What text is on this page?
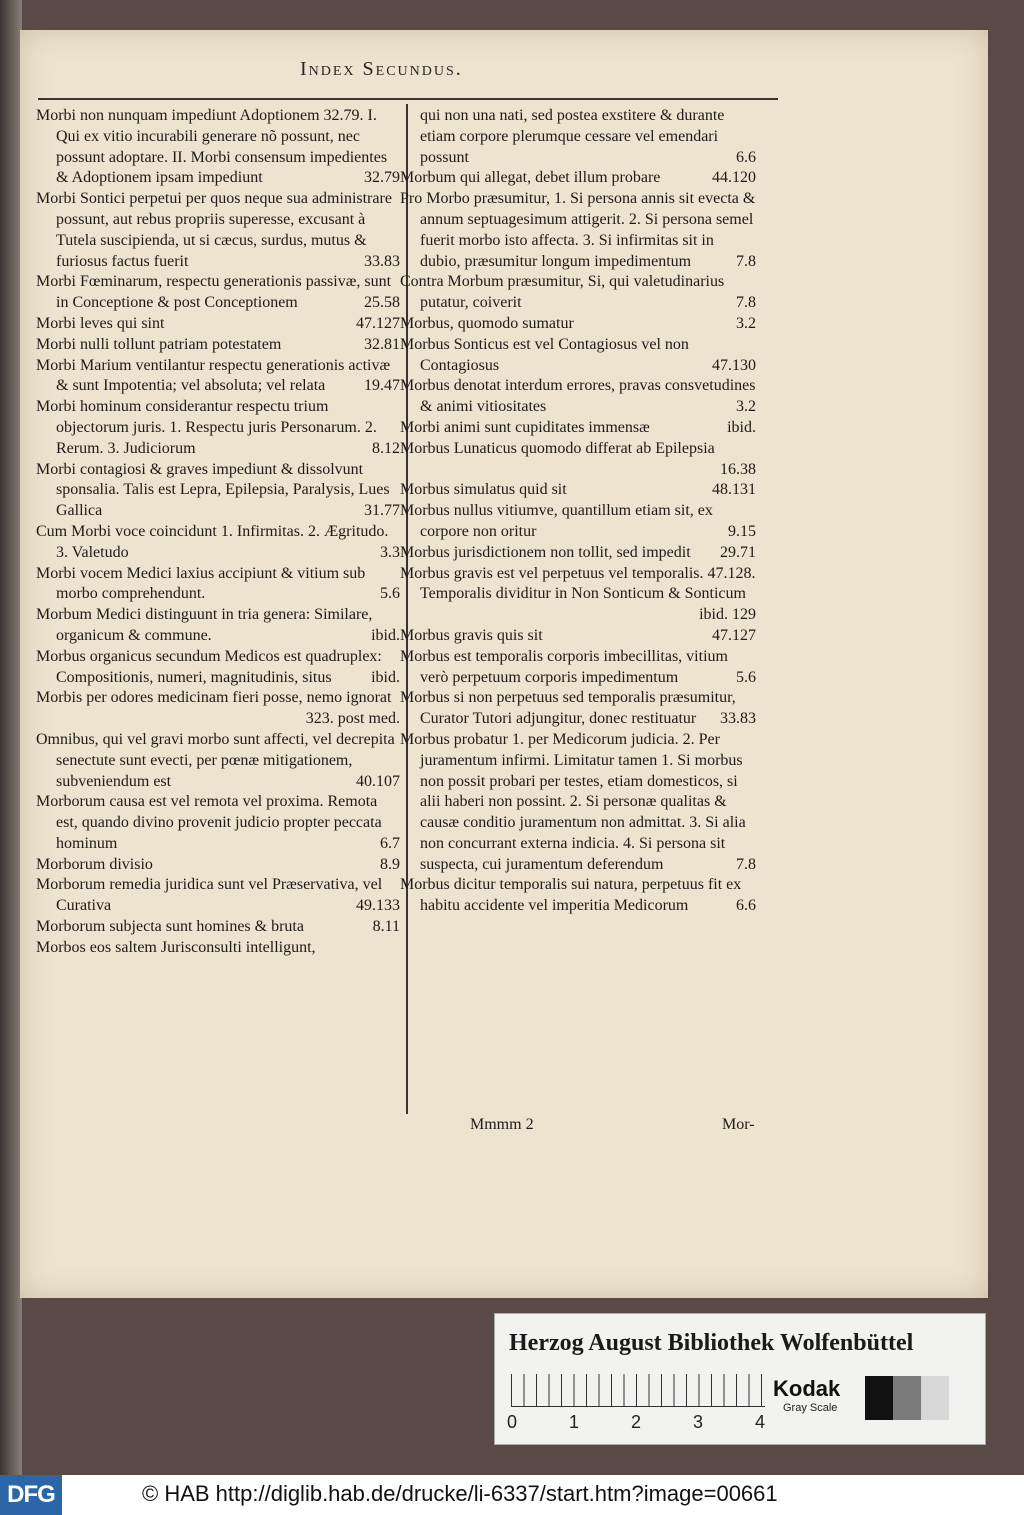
Index Secundus.

Morbi non nunquam impediunt Adoptionem 32.79. I. Qui ex vitio incurabili generare nõ possunt, nec possunt adoptare. II. Morbi consensum impedientes & Adoptionem ipsam impediunt	32.79

Morbi Sontici perpetui per quos neque sua administrare possunt, aut rebus propriis superesse, excusant à Tutela suscipienda, ut si cæcus, surdus, mutus & furiosus factus fuerit	33.83

Morbi Fœminarum, respectu generationis passivæ, sunt in Conceptione & post Conceptionem	25.58

Morbi leves qui sint	47.127

Morbi nulli tollunt patriam potestatem	32.81

Morbi Marium ventilantur respectu generationis activæ & sunt Impotentia; vel absoluta; vel relata	19.47

Morbi hominum considerantur respectu trium objectorum juris. 1. Respectu juris Personarum. 2. Rerum. 3. Judiciorum	8.12

Morbi contagiosi & graves impediunt & dissolvunt sponsalia. Talis est Lepra, Epilepsia, Paralysis, Lues Gallica	31.77

Cum Morbi voce coincidunt 1. Infirmitas. 2. Ægritudo. 3. Valetudo	3.3

Morbi vocem Medici laxius accipiunt & vitium sub morbo comprehendunt.	5.6

Morbum Medici distinguunt in tria genera: Similare, organicum & commune.	ibid.

Morbus organicus secundum Medicos est quadruplex: Compositionis, numeri, magnitudinis, situs	ibid.

Morbis per odores medicinam fieri posse, nemo ignorat
323. post med.

Omnibus, qui vel gravi morbo sunt affecti, vel decrepita senectute sunt evecti, per pœnæ mitigationem, subveniendum est	40.107

Morborum causa est vel remota vel proxima. Remota est, quando divino provenit judicio propter peccata hominum	6.7

Morborum divisio	8.9

Morborum remedia juridica sunt vel Præservativa, vel Curativa	49.133

Morborum subjecta sunt homines & bruta	8.11

Morbos eos saltem Jurisconsulti intelligunt,

qui non una nati, sed postea exstitere & durante etiam corpore plerumque cessare vel emendari possunt	6.6

Morbum qui allegat, debet illum probare	44.120

Pro Morbo præsumitur, 1. Si persona annis sit evecta & annum septuagesimum attigerit. 2. Si persona semel fuerit morbo isto affecta. 3. Si infirmitas sit in dubio, præsumitur longum impedimentum	7.8

Contra Morbum præsumitur, Si, qui valetudinarius putatur, coiverit	7.8

Morbus, quomodo sumatur	3.2

Morbus Sonticus est vel Contagiosus vel non Contagiosus	47.130

Morbus denotat interdum errores, pravas consvetudines & animi vitiositates	3.2

Morbi animi sunt cupiditates immensæ	ibid.

Morbus Lunaticus quomodo differat ab Epilepsia
16.38

Morbus simulatus quid sit	48.131

Morbus nullus vitiumve, quantillum etiam sit, ex corpore non oritur	9.15

Morbus jurisdictionem non tollit, sed impedit	29.71

Morbus gravis est vel perpetuus vel temporalis. 47.128. Temporalis dividitur in Non Sonticum & Sonticum
ibid. 129

Morbus gravis quis sit	47.127

Morbus est temporalis corporis imbecillitas, vitium verò perpetuum corporis impedimentum	5.6

Morbus si non perpetuus sed temporalis præsumitur, Curator Tutori adjungitur, donec restituatur	33.83

Morbus probatur 1. per Medicorum judicia. 2. Per juramentum infirmi. Limitatur tamen 1. Si morbus non possit probari per testes, etiam domesticos, si alii haberi non possint. 2. Si personæ qualitas & causæ conditio juramentum non admittat. 3. Si alia non concurrant externa indicia. 4. Si persona sit suspecta, cui juramentum deferendum	7.8

Morbus dicitur temporalis sui natura, perpetuus fit ex habitu accidente vel imperitia Medicorum	6.6

Mmmm 2	Mor-
Herzog August Bibliothek Wolfenbüttel
0	1	2	3	4
Kodak
Gray Scale
DFG	© HAB http://diglib.hab.de/drucke/li-6337/start.htm?image=00661
